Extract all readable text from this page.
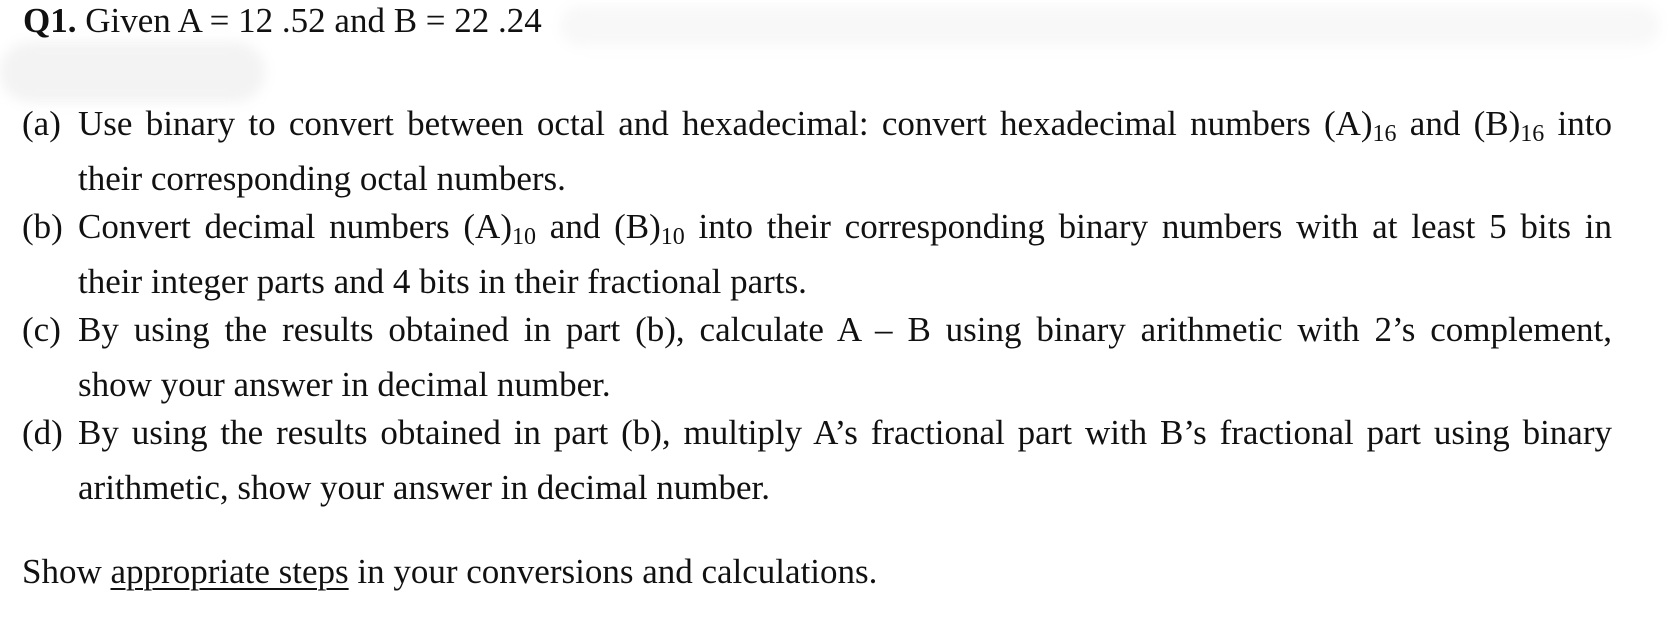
Q1. Given A = 12 .52 and B = 22 .24
(a) Use binary to convert between octal and hexadecimal: convert hexadecimal numbers $(A)_{16}$ and $(B)_{16}$ into
their corresponding octal numbers.
(b) Convert decimal numbers $(A)_{10}$ and $(B)_{10}$ into their corresponding binary numbers with at least 5 bits in
their integer parts and 4 bits in their fractional parts.
(c) By using the results obtained in part (b), calculate A – B using binary arithmetic with 2’s complement,
show your answer in decimal number.
(d) By using the results obtained in part (b), multiply A’s fractional part with B’s fractional part using binary
arithmetic, show your answer in decimal number.
Show appropriate steps in your conversions and calculations.
